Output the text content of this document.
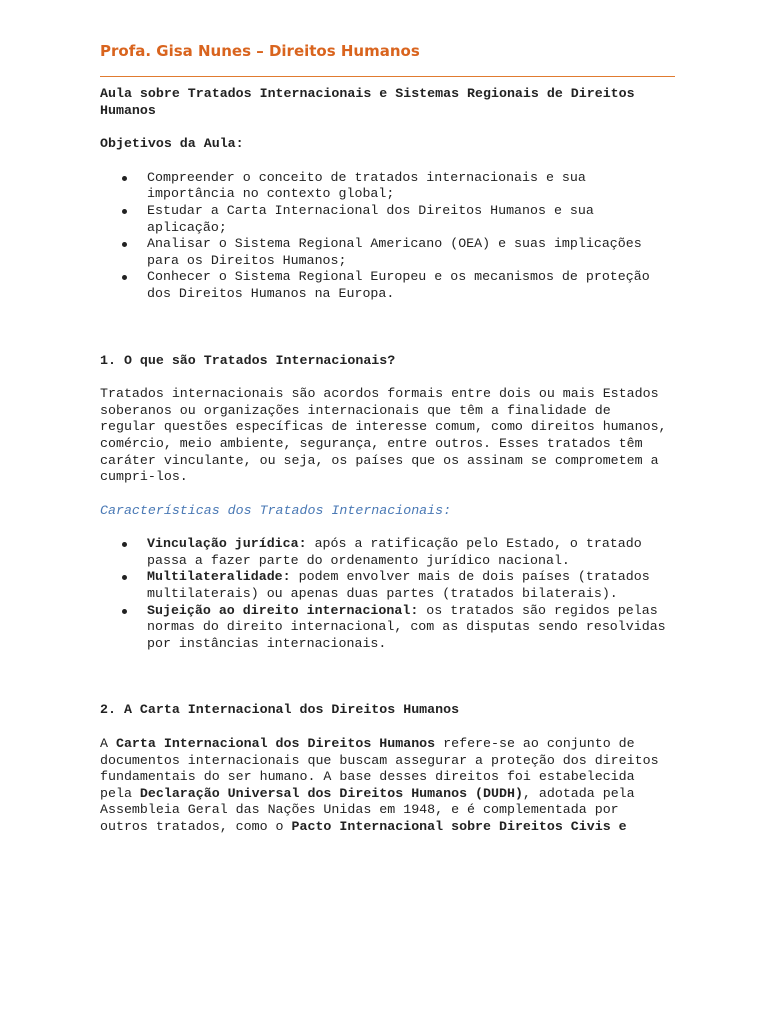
Profa. Gisa Nunes – Direitos Humanos

Aula sobre Tratados Internacionais e Sistemas Regionais de Direitos Humanos

Objetivos da Aula:

Compreender o conceito de tratados internacionais e sua importância no contexto global;
Estudar a Carta Internacional dos Direitos Humanos e sua aplicação;
Analisar o Sistema Regional Americano (OEA) e suas implicações para os Direitos Humanos;
Conhecer o Sistema Regional Europeu e os mecanismos de proteção dos Direitos Humanos na Europa.

1. O que são Tratados Internacionais?

Tratados internacionais são acordos formais entre dois ou mais Estados soberanos ou organizações internacionais que têm a finalidade de regular questões específicas de interesse comum, como direitos humanos, comércio, meio ambiente, segurança, entre outros. Esses tratados têm caráter vinculante, ou seja, os países que os assinam se comprometem a cumpri-los.

Características dos Tratados Internacionais:

Vinculação jurídica: após a ratificação pelo Estado, o tratado passa a fazer parte do ordenamento jurídico nacional.
Multilateralidade: podem envolver mais de dois países (tratados multilaterais) ou apenas duas partes (tratados bilaterais).
Sujeição ao direito internacional: os tratados são regidos pelas normas do direito internacional, com as disputas sendo resolvidas por instâncias internacionais.

2. A Carta Internacional dos Direitos Humanos

A Carta Internacional dos Direitos Humanos refere-se ao conjunto de documentos internacionais que buscam assegurar a proteção dos direitos fundamentais do ser humano. A base desses direitos foi estabelecida pela Declaração Universal dos Direitos Humanos (DUDH), adotada pela Assembleia Geral das Nações Unidas em 1948, e é complementada por outros tratados, como o Pacto Internacional sobre Direitos Civis e
